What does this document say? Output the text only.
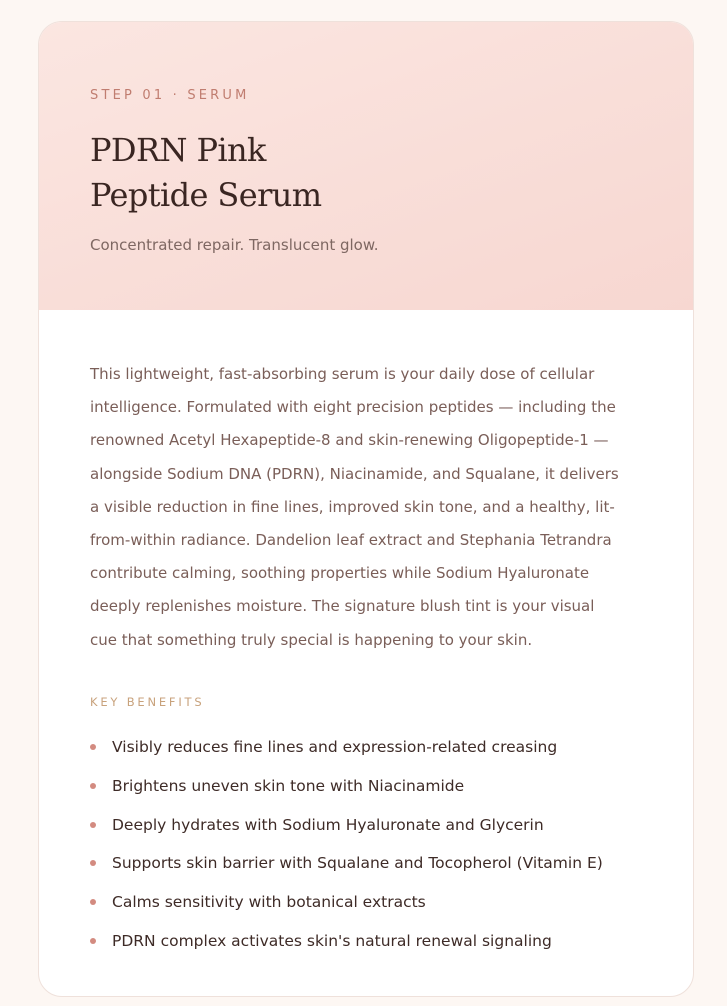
STEP 01 · SERUM
PDRN Pink
Peptide Serum
Concentrated repair. Translucent glow.

This lightweight, fast-absorbing serum is your daily dose of cellular
intelligence. Formulated with eight precision peptides — including the
renowned Acetyl Hexapeptide-8 and skin-renewing Oligopeptide-1 —
alongside Sodium DNA (PDRN), Niacinamide, and Squalane, it delivers
a visible reduction in fine lines, improved skin tone, and a healthy, lit-
from-within radiance. Dandelion leaf extract and Stephania Tetrandra
contribute calming, soothing properties while Sodium Hyaluronate
deeply replenishes moisture. The signature blush tint is your visual
cue that something truly special is happening to your skin.

KEY BENEFITS
Visibly reduces fine lines and expression-related creasing
Brightens uneven skin tone with Niacinamide
Deeply hydrates with Sodium Hyaluronate and Glycerin
Supports skin barrier with Squalane and Tocopherol (Vitamin E)
Calms sensitivity with botanical extracts
PDRN complex activates skin's natural renewal signaling
